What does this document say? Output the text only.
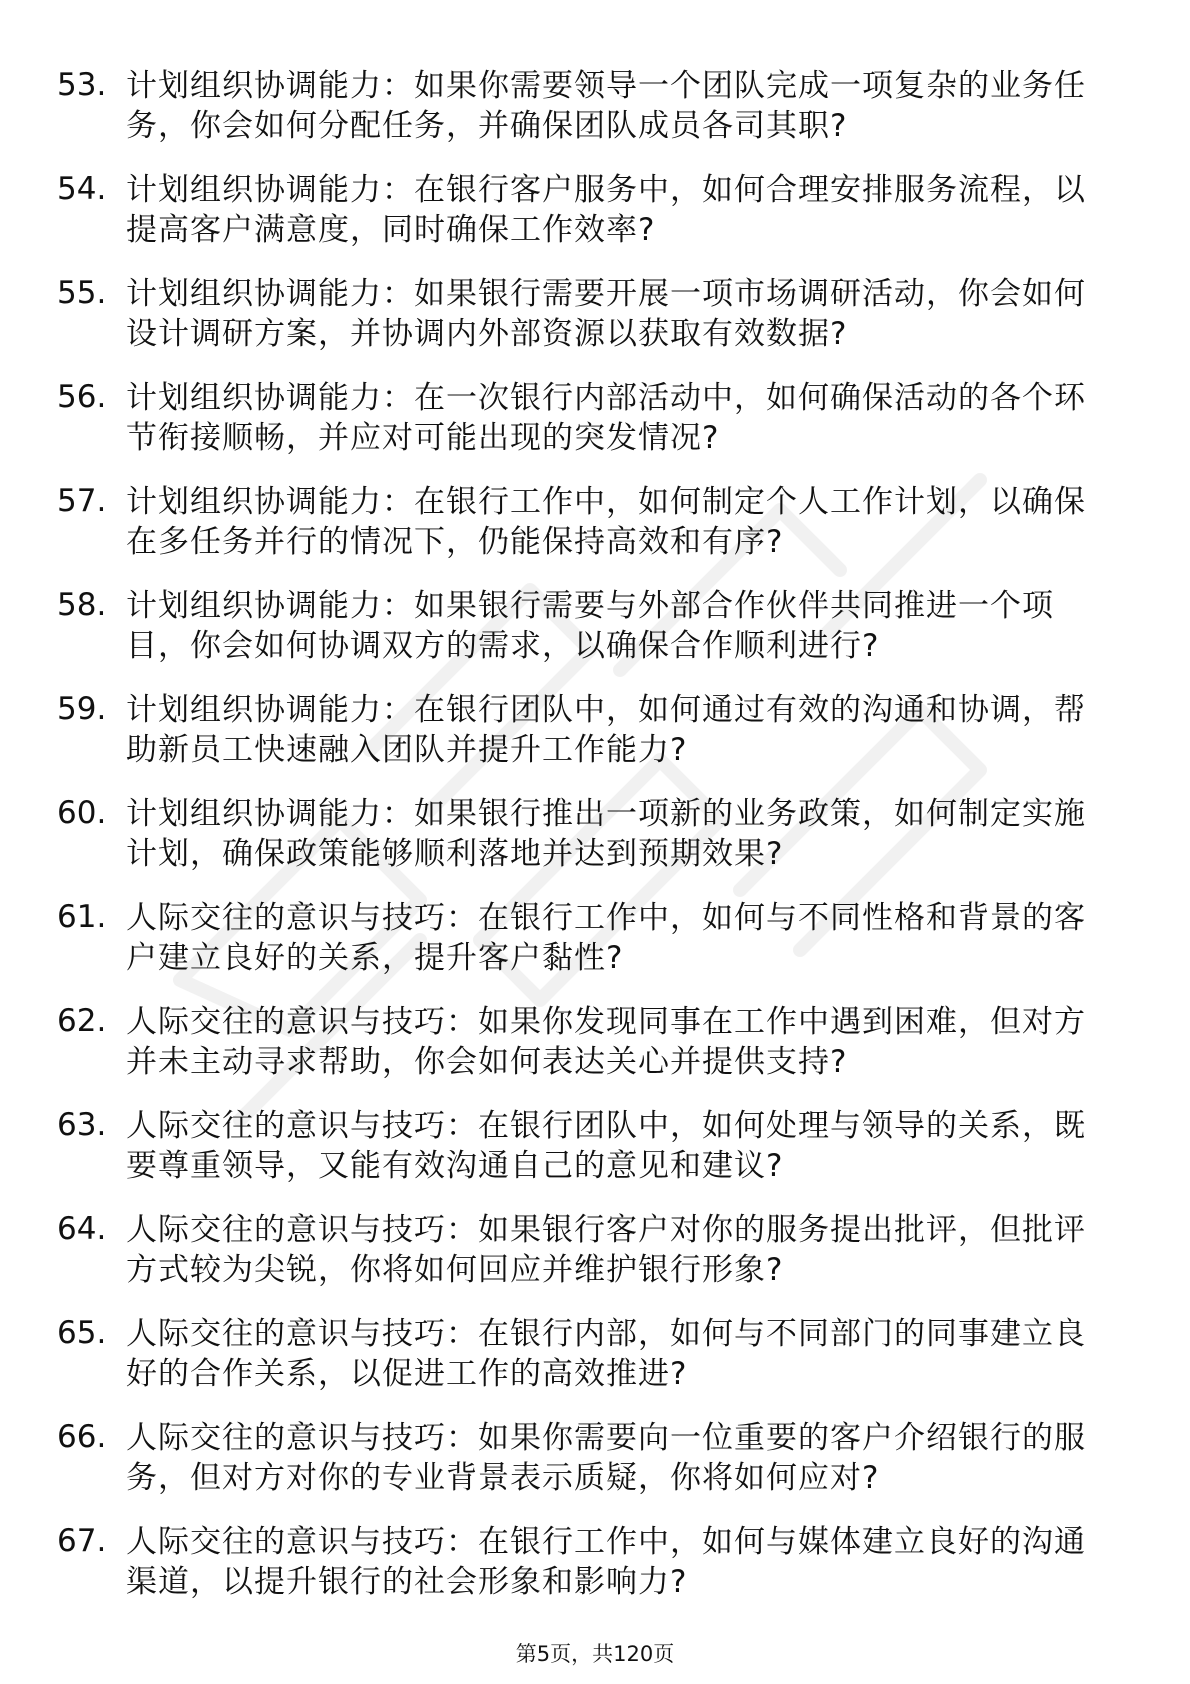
53. 计划组织协调能力：如果你需要领导一个团队完成一项复杂的业务任务，你会如何分配任务，并确保团队成员各司其职?
54. 计划组织协调能力：在银行客户服务中，如何合理安排服务流程，以提高客户满意度，同时确保工作效率?
55. 计划组织协调能力：如果银行需要开展一项市场调研活动，你会如何设计调研方案，并协调内外部资源以获取有效数据?
56. 计划组织协调能力：在一次银行内部活动中，如何确保活动的各个环节衔接顺畅，并应对可能出现的突发情况?
57. 计划组织协调能力：在银行工作中，如何制定个人工作计划，以确保在多任务并行的情况下，仍能保持高效和有序?
58. 计划组织协调能力：如果银行需要与外部合作伙伴共同推进一个项目，你会如何协调双方的需求，以确保合作顺利进行?
59. 计划组织协调能力：在银行团队中，如何通过有效的沟通和协调，帮助新员工快速融入团队并提升工作能力?
60. 计划组织协调能力：如果银行推出一项新的业务政策，如何制定实施计划，确保政策能够顺利落地并达到预期效果?
61. 人际交往的意识与技巧：在银行工作中，如何与不同性格和背景的客户建立良好的关系，提升客户黏性?
62. 人际交往的意识与技巧：如果你发现同事在工作中遇到困难，但对方并未主动寻求帮助，你会如何表达关心并提供支持?
63. 人际交往的意识与技巧：在银行团队中，如何处理与领导的关系，既要尊重领导，又能有效沟通自己的意见和建议?
64. 人际交往的意识与技巧：如果银行客户对你的服务提出批评，但批评方式较为尖锐，你将如何回应并维护银行形象?
65. 人际交往的意识与技巧：在银行内部，如何与不同部门的同事建立良好的合作关系，以促进工作的高效推进?
66. 人际交往的意识与技巧：如果你需要向一位重要的客户介绍银行的服务，但对方对你的专业背景表示质疑，你将如何应对?
67. 人际交往的意识与技巧：在银行工作中，如何与媒体建立良好的沟通渠道，以提升银行的社会形象和影响力?
第5页，共120页
